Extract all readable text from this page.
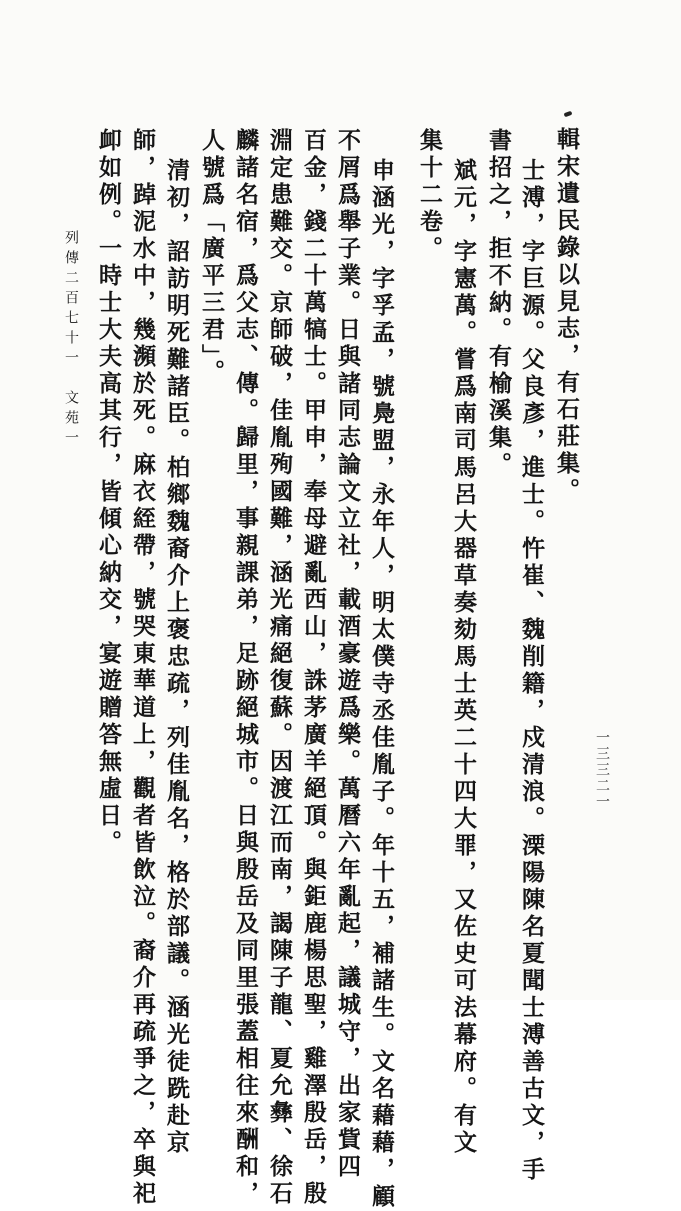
輯宋遺民錄以見志，有石莊集。
士溥，字巨源。父良彥，進士。忤崔、魏削籍，戍清浪。溧陽陳名夏聞士溥善古文，手
書招之，拒不納。有榆溪集。
斌元，字憲萬。嘗爲南司馬呂大器草奏劾馬士英二十四大罪，又佐史可法幕府。有文
集十二卷。
申涵光，字孚孟，號鳧盟，永年人，明太僕寺丞佳胤子。年十五，補諸生。文名藉藉，顧
不屑爲舉子業。日與諸同志論文立社，載酒豪遊爲樂。萬曆六年亂起，議城守，出家貲四
百金，錢二十萬犒士。甲申，奉母避亂西山，誅茅廣羊絕頂。與鉅鹿楊思聖，雞澤殷岳，殷
淵定患難交。京師破，佳胤殉國難，涵光痛絕復蘇。因渡江而南，謁陳子龍、夏允彝、徐石
麟諸名宿，爲父志、傳。歸里，事親課弟，足跡絕城市。日與殷岳及同里張蓋相往來酬和，
人號爲「廣平三君」。
清初，詔訪明死難諸臣。柏鄉魏裔介上褒忠疏，列佳胤名，格於部議。涵光徒跣赴京
師，踔泥水中，幾瀕於死。麻衣絰帶，號哭東華道上，觀者皆飲泣。裔介再疏爭之，卒與祀
卹如例。一時士大夫高其行，皆傾心納交，宴遊贈答無虛日。
列傳二百七十一　文苑一
一三三二一
